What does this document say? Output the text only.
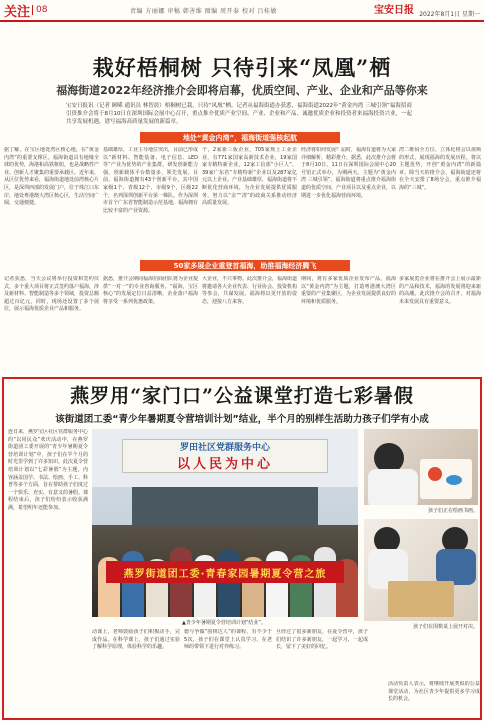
关注 08	责编 方丽娜 审稿 韩善维 图编 周开泰 校对 吕桂敏	宝安日报 2022年8月1日 星期一
栽好梧桐树 只待引来“凤凰”栖
福海街道2022年经济推介会即将启幕，优质空间、产业、企业和产品等你来
宝安日报讯（记者 顾晞 通讯员 林智晨）梧桐树已栽，只待“凤凰”栖。记者从福海街道办获悉，福海街道2022年“黄金内湾 三城引领”福海招商引资推介会将于8月10日在深圳国际会展中心召开，重点推介优质产业空间、产业、企业和产品，诚邀优质企业和投资者来福海投资兴业，一起共享发展机遇，谱写福海高质量发展的新篇章。
地处“黄金内湾”，福海街道强核起航
据了解，在宝区地处湾区核心地，在“黄金内湾”的重要支撑区。福海街道具有地缘全球的优势，海港和高铁枢纽，也是战略性产业、创新人才聚集的重要承载区。近年来，从区位优势来看，福海街道地处前湾核心片区，是深圳西部的发展门户，位于珠江口东岸，地处粤港澳大湾区核心区，生活空间广阔，交通便捷。
基础雄厚，工业主导地位突出，目前已形成以“新材料、智能装备、电子信息、LED等”产业为优势的产业集群。研发创新能力强，创新载体平台数量多，领先发展。目前，福海街道拥有43个创新平台，其中国家级1个、省级12个、市级9个，区级22个，名列深圳创新平台第一梯队。作为深圳市首个广东省智能制造示范基地，福海拥有比较丰富的产业资源。
个，2家新三板企业，705家规上工业企业，有771家国家高新技术企业，19家国家专精特新企业，12家工信部“小巨人”，39家广东省“专精特新”企业以及287家亿元以上企业。产业基础雄厚，福海街道将不断优化营商环境，为企业发展提供优质服务，努力以“亲”“清”的政商关系推动经济高质量发展。
经济将如何发展？届时，福海有道将为大家详细解析，精彩推介。据悉，此次推介会将于8月10日，11日在深圳国际会展中心20号馆正式举办，为期两天。主题为“黄金内湾 三城引领”，福海街道将重点推介福海街道的优质空间、产业项目以及重点企业，以期进一步优化福海营商环境。
湾二维码全方位、立体化将会以视频的形式，展现福海的发展历程。将以主题优势，开创“黄金内湾”的新篇章。除当天的推介会，福海街道还将在全天安排了8场分会，重点推介福海的“三城”。
50家多展企业重登首福海，助推福海经济腾飞
记者获悉，当天会议将举行投资和签约仪式，多个重大项目将正式签约落户福海，涉及新材料、智能制造等多个领域，投资总额超过百亿元。同时，现场还设置了多个展位，展示福海优质企业产品和服务。
据悉，推介会期间福海招商团队将为企业提供“一对一”的专业咨询服务。“福海，宝区核心”的发展定位日益清晰，企业落户福海将享受一系列优惠政策。
大企业，不只事物。此次推介会，福海街道将邀请各大企业代表、行业协会、投资机构等参会，共谋发展。福海将以更开放的姿态，迎接八方来客。
期间，将有多家优质企业发布产品，福海以“黄金内湾”为主题，打造粤港澳大湾区重要的产业集聚区，为企业发展提供良好的环境和优质服务。
多家展览企业将在推介会上展示最新的产品和技术，福海的发展将迎来新的高潮。此次推介会的召开，对福海未来发展具有重要意义。
燕罗用“家门口”公益课堂打造七彩暑假
该街道团工委“青少年暑期夏令营培训计划”结业，半个月的别样生活助力孩子们学有小成
连日来，燕罗宝区社区党群服务中心的“以用民众”欢庆活动中，在燕罗街道团工委开展的“青少年暑期夏令营培训计划”中，孩子们在半个月的时光里学到了许多知识。此次夏令营培训计划以“七彩暑假”为主题，内容涵盖国学、书法、绘画、手工、科普等多个方面，旨在帮助孩子们度过一个快乐、充实、有意义的暑假。课程结束后，孩子们纷纷表示收获满满，希望明年还能参加。
罗田社区党群服务中心
以人民为中心
燕罗街道团工委·青春家园暑期夏令营之旅
▲青少年暑期夏令营培训计划“结业”。
孩子们正在绘画书画。
孩子们在围棋桌上展开对决。
动课上，老师鼓励孩子们积极动手，完成作品。在科学课上，孩子们通过实验了解科学原理，体验科学的乐趣。
德与争做“围棋达人”的课程，有不少于5次，孩子们在课堂上认真学习，在老师的带领下进行对弈练习。
旦经过了很多新朋友，在夏令营中，孩子们结识了许多新朋友，一起学习、一起成长，留下了美好的回忆。
活动负责人表示，将继续开展类似的公益课堂活动，为社区青少年提供更多学习成长的机会。
